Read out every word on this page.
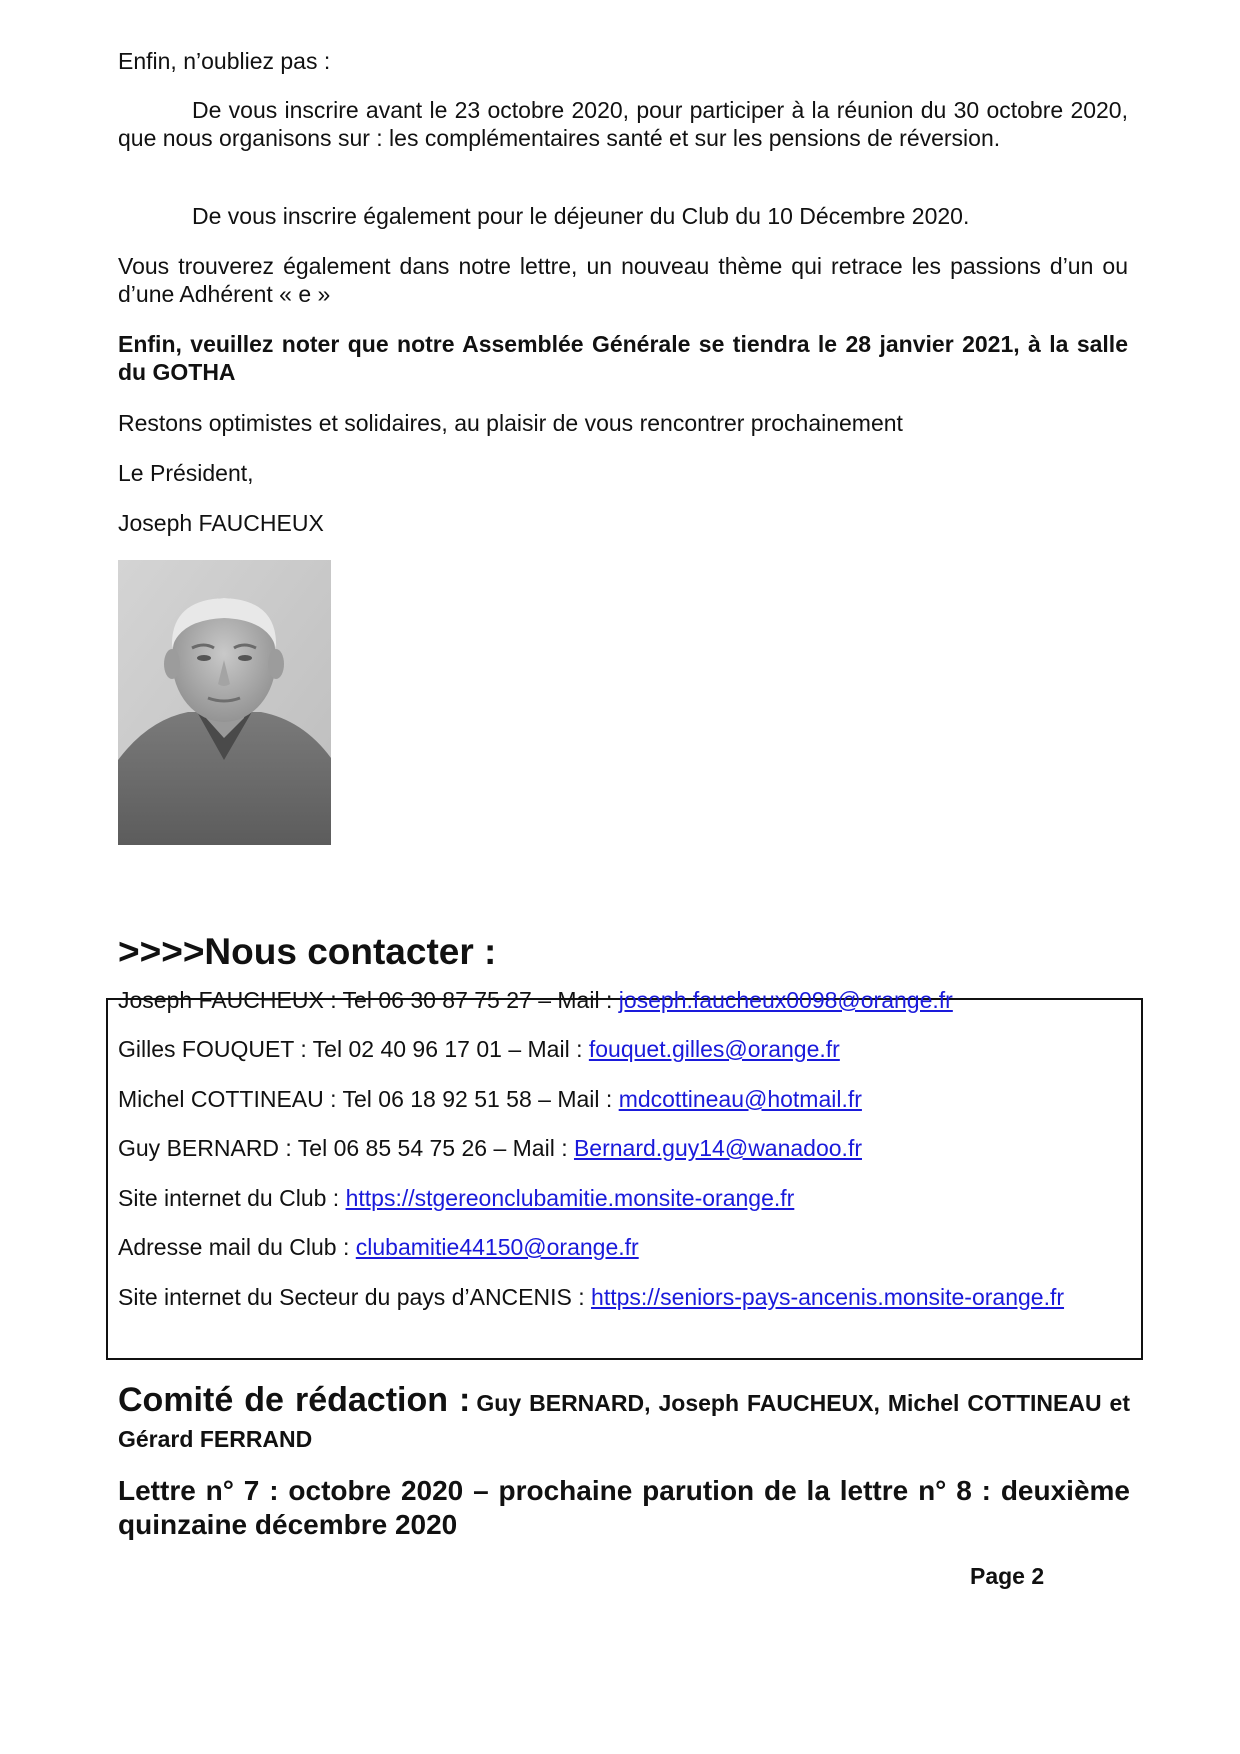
Enfin, n’oubliez pas :

De vous inscrire avant le 23 octobre 2020, pour participer à la réunion du 30 octobre 2020, que nous organisons sur : les complémentaires santé et sur les pensions de réversion.

De vous inscrire également pour le déjeuner du Club du 10 Décembre 2020.

Vous trouverez également dans notre lettre, un nouveau thème qui retrace les passions d’un ou d’une Adhérent « e »

Enfin, veuillez noter que notre Assemblée Générale se tiendra le 28 janvier 2021, à la salle du GOTHA

Restons optimistes et solidaires, au plaisir de vous rencontrer prochainement

Le Président,

Joseph FAUCHEUX

>>>>Nous contacter :
Joseph FAUCHEUX : Tel 06 30 87 75 27 – Mail : joseph.faucheux0098@orange.fr
Gilles FOUQUET : Tel 02 40 96 17 01 – Mail : fouquet.gilles@orange.fr
Michel COTTINEAU : Tel 06 18 92 51 58 – Mail : mdcottineau@hotmail.fr
Guy BERNARD : Tel 06 85 54 75 26 – Mail : Bernard.guy14@wanadoo.fr
Site internet du Club : https://stgereonclubamitie.monsite-orange.fr
Adresse mail du Club : clubamitie44150@orange.fr
Site internet du Secteur du pays d’ANCENIS : https://seniors-pays-ancenis.monsite-orange.fr
Comité de rédaction : Guy BERNARD, Joseph FAUCHEUX, Michel COTTINEAU et Gérard FERRAND
Lettre n° 7 : octobre 2020 – prochaine parution de la lettre n° 8 : deuxième quinzaine décembre 2020
Page 2
